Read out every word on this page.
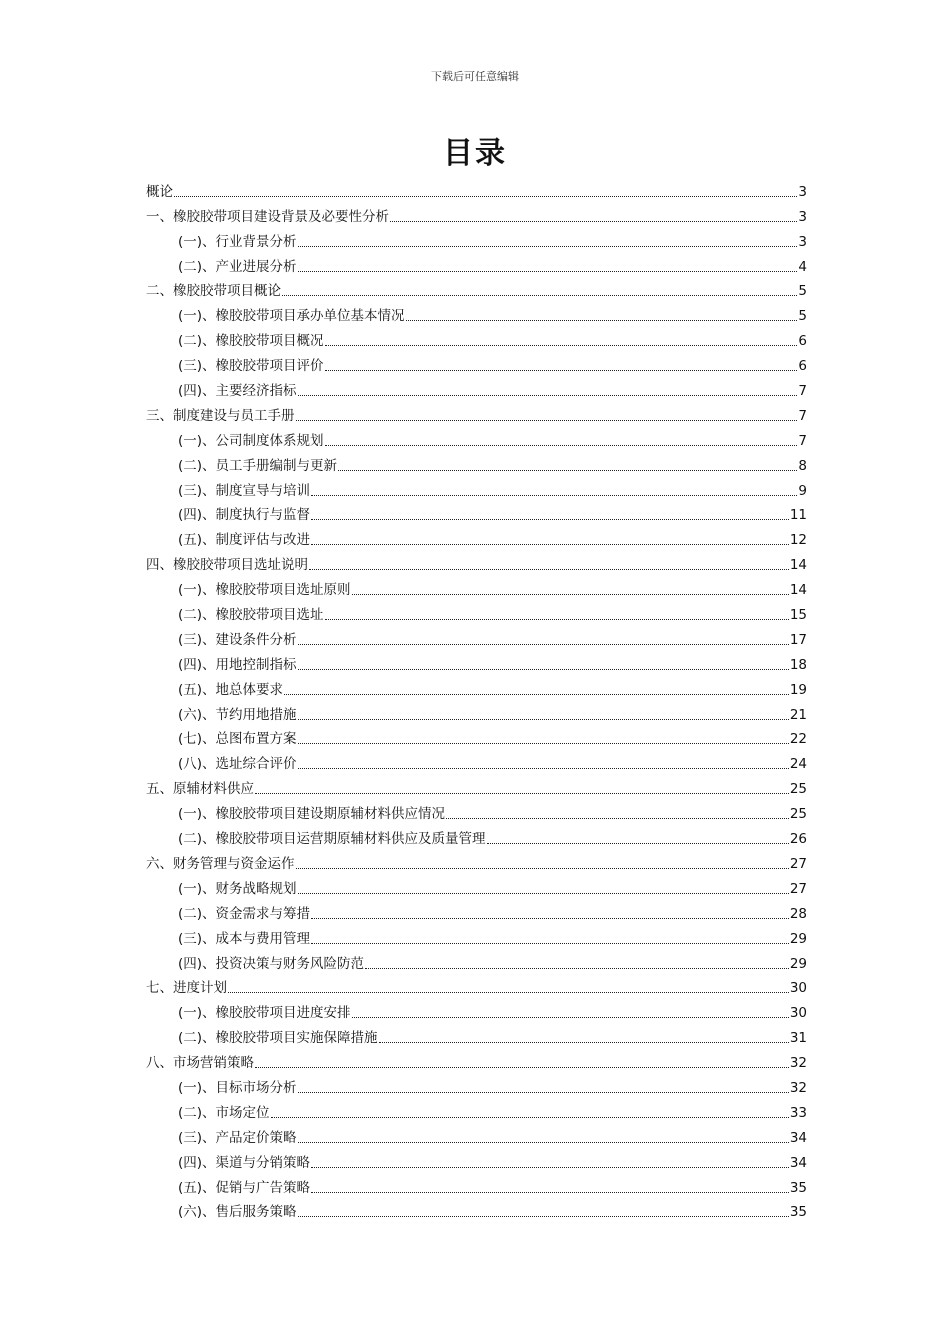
下载后可任意编辑
目录
概论	3
一、橡胶胶带项目建设背景及必要性分析	3
(一)、行业背景分析	3
(二)、产业进展分析	4
二、橡胶胶带项目概论	5
(一)、橡胶胶带项目承办单位基本情况	5
(二)、橡胶胶带项目概况	6
(三)、橡胶胶带项目评价	6
(四)、主要经济指标	7
三、制度建设与员工手册	7
(一)、公司制度体系规划	7
(二)、员工手册编制与更新	8
(三)、制度宣导与培训	9
(四)、制度执行与监督	11
(五)、制度评估与改进	12
四、橡胶胶带项目选址说明	14
(一)、橡胶胶带项目选址原则	14
(二)、橡胶胶带项目选址	15
(三)、建设条件分析	17
(四)、用地控制指标	18
(五)、地总体要求	19
(六)、节约用地措施	21
(七)、总图布置方案	22
(八)、选址综合评价	24
五、原辅材料供应	25
(一)、橡胶胶带项目建设期原辅材料供应情况	25
(二)、橡胶胶带项目运营期原辅材料供应及质量管理	26
六、财务管理与资金运作	27
(一)、财务战略规划	27
(二)、资金需求与筹措	28
(三)、成本与费用管理	29
(四)、投资决策与财务风险防范	29
七、进度计划	30
(一)、橡胶胶带项目进度安排	30
(二)、橡胶胶带项目实施保障措施	31
八、市场营销策略	32
(一)、目标市场分析	32
(二)、市场定位	33
(三)、产品定价策略	34
(四)、渠道与分销策略	34
(五)、促销与广告策略	35
(六)、售后服务策略	35
